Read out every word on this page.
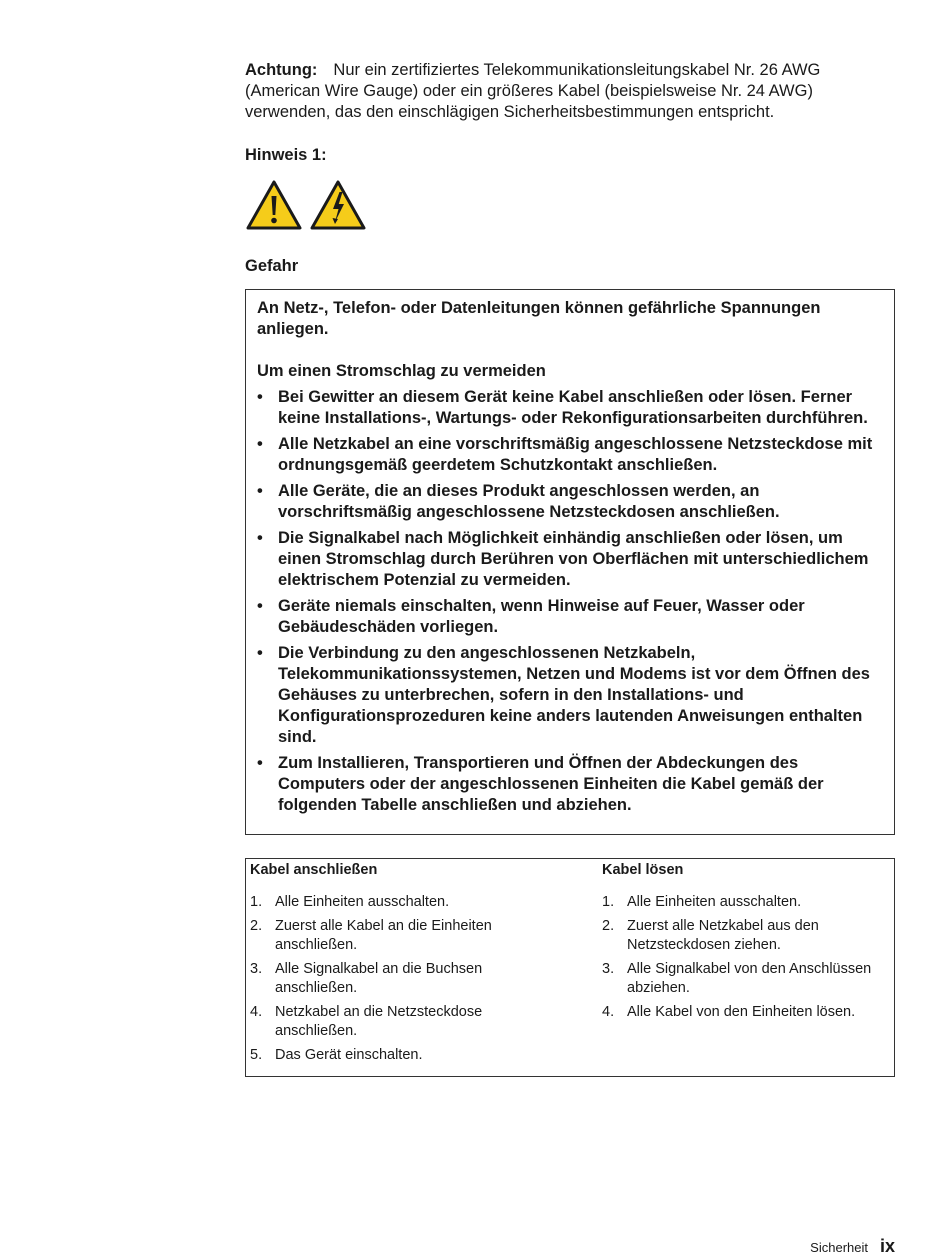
Achtung: Nur ein zertifiziertes Telekommunikationsleitungskabel Nr. 26 AWG (American Wire Gauge) oder ein größeres Kabel (beispielsweise Nr. 24 AWG) verwenden, das den einschlägigen Sicherheitsbestimmungen entspricht.

Hinweis 1:

Gefahr

An Netz-, Telefon- oder Datenleitungen können gefährliche Spannungen anliegen.

Um einen Stromschlag zu vermeiden

• Bei Gewitter an diesem Gerät keine Kabel anschließen oder lösen. Ferner keine Installations-, Wartungs- oder Rekonfigurationsarbeiten durchführen.
• Alle Netzkabel an eine vorschriftsmäßig angeschlossene Netzsteckdose mit ordnungsgemäß geerdetem Schutzkontakt anschließen.
• Alle Geräte, die an dieses Produkt angeschlossen werden, an vorschriftsmäßig angeschlossene Netzsteckdosen anschließen.
• Die Signalkabel nach Möglichkeit einhändig anschließen oder lösen, um einen Stromschlag durch Berühren von Oberflächen mit unterschiedlichem elektrischem Potenzial zu vermeiden.
• Geräte niemals einschalten, wenn Hinweise auf Feuer, Wasser oder Gebäudeschäden vorliegen.
• Die Verbindung zu den angeschlossenen Netzkabeln, Telekommunikationssystemen, Netzen und Modems ist vor dem Öffnen des Gehäuses zu unterbrechen, sofern in den Installations- und Konfigurationsprozeduren keine anders lautenden Anweisungen enthalten sind.
• Zum Installieren, Transportieren und Öffnen der Abdeckungen des Computers oder der angeschlossenen Einheiten die Kabel gemäß der folgenden Tabelle anschließen und abziehen.
Kabel anschließen
1. Alle Einheiten ausschalten.
2. Zuerst alle Kabel an die Einheiten anschließen.
3. Alle Signalkabel an die Buchsen anschließen.
4. Netzkabel an die Netzsteckdose anschließen.
5. Das Gerät einschalten.
Kabel lösen
1. Alle Einheiten ausschalten.
2. Zuerst alle Netzkabel aus den Netzsteckdosen ziehen.
3. Alle Signalkabel von den Anschlüssen abziehen.
4. Alle Kabel von den Einheiten lösen.
Sicherheit ix
